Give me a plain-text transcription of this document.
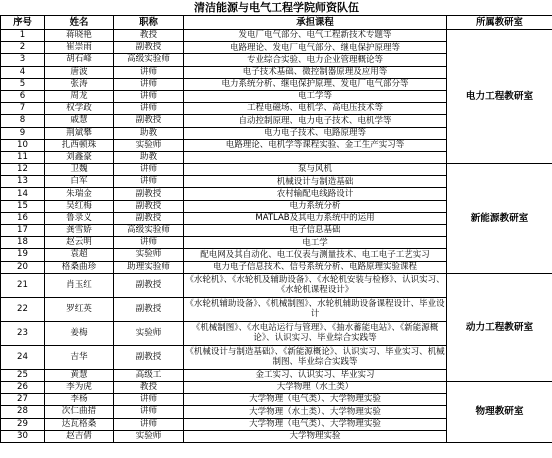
清洁能源与电气工程学院师资队伍				
序号	姓名	职称	承担课程	所属教研室
1	蒋晓艳	教授	发电厂电气部分、电气工程新技术专题等	电力工程教研室
2	崔崇雨	副教授	电路理论、发电厂电气部分、继电保护原理等	
3	胡石峰	高级实验师	专业综合实验、电力企业管理概论等	
4	唐波	讲师	电子技术基础、微控制器原理及应用等	
5	张涛	讲师	电力系统分析、继电保护原理、发电厂电气部分等	
6	周龙	讲师	电工学等	
7	权学政	讲师	工程电磁场、电机学、高电压技术等	
8	戚慧	副教授	自动控制原理、电力电子技术、电机学等	
9	荆斌攀	助教	电力电子技术、电路原理等	
10	扎西顿珠	实验师	电路理论、电机学等课程实验、金工生产实习等	
11	刘鑫豪	助教		
12	卫魏	讲师	泵与风机	新能源教研室
13	白军	讲师	机械设计与制造基础	
14	朱瑞金	副教授	农村输配电线路设计	
15	吴红梅	副教授	电力系统分析	
16	鲁录义	副教授	MATLAB及其电力系统中的运用	
17	龚雪娇	高级实验师	电子信息基础	
18	赵云明	讲师	电工学	
19	袁超	实验师	配电网及其自动化、电工仪表与测量技术、电工电子工艺实习	
20	格桑曲珍	助理实验师	电力电子信息技术、信号系统分析、电路原理实验课程	
21	肖玉红	副教授	《水轮机》、《水轮机及辅助设备》、《水轮机安装与检修》、认识实习、《水轮机课程设计》	动力工程教研室
22	罗红英	副教授	《水轮机辅助设备》、《机械制图》、水轮机辅助设备课程设计、毕业设计	
23	姜梅	实验师	《机械制图》、《水电站运行与管理》、《抽水蓄能电站》、《新能源概论》、认识实习、毕业综合实践等	
24	吉华	副教授	《机械设计与制造基础》、《新能源概论》、认识实习、毕业实习、机械制图、毕业综合实践等	
25	黄慧	高级工	金工实习、认识实习、毕业实习	
26	李为虎	教授	大学物理（水土类）	物理教研室
27	李杨	讲师	大学物理（电气类）、大学物理实验	
28	次仁曲措	讲师	大学物理（水土类）、大学物理实验	
29	达瓦格桑	讲师	大学物理（电气类）、大学物理实验	
30	赵吉倩	实验师	大学物理实验	
